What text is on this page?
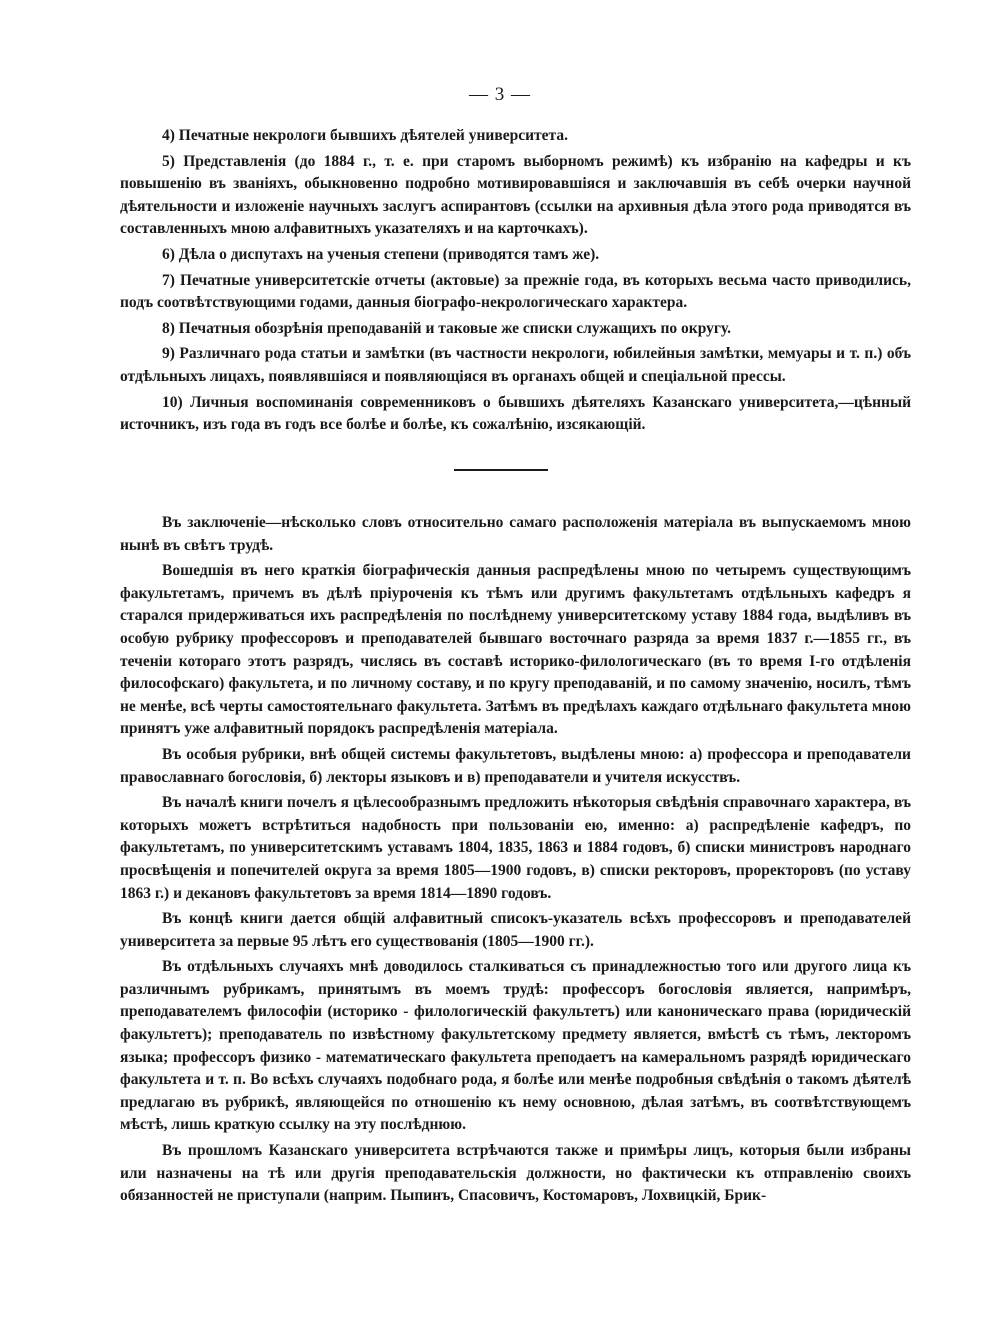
— 3 —

4) Печатные некрологи бывшихъ дѣятелей университета.

5) Представленія (до 1884 г., т. е. при старомъ выборномъ режимѣ) къ избранію на кафедры и къ повышенію въ званіяхъ, обыкновенно подробно мотивировавшіяся и заключавшія въ себѣ очерки научной дѣятельности и изложеніе научныхъ заслугъ аспирантовъ (ссылки на архивныя дѣла этого рода приводятся въ составленныхъ мною алфавитныхъ указателяхъ и на карточкахъ).

6) Дѣла о диспутахъ на ученыя степени (приводятся тамъ же).

7) Печатные университетскіе отчеты (актовые) за прежніе года, въ которыхъ весьма часто приводились, подъ соотвѣтствующими годами, данныя біографо-некрологическаго характера.

8) Печатныя обозрѣнія преподаваній и таковые же списки служащихъ по округу.

9) Различнаго рода статьи и замѣтки (въ частности некрологи, юбилейныя замѣтки, мемуары и т. п.) объ отдѣльныхъ лицахъ, появлявшіяся и появляющіяся въ органахъ общей и спеціальной прессы.

10) Личныя воспоминанія современниковъ о бывшихъ дѣятеляхъ Казанскаго университета,—цѣнный источникъ, изъ года въ годъ все болѣе и болѣе, къ сожалѣнію, изсякающій.

Въ заключеніе—нѣсколько словъ относительно самаго расположенія матеріала въ выпускаемомъ мною нынѣ въ свѣтъ трудѣ.

Вошедшія въ него краткія біографическія данныя распредѣлены мною по четыремъ существующимъ факультетамъ, причемъ въ дѣлѣ пріуроченія къ тѣмъ или другимъ факультетамъ отдѣльныхъ кафедръ я старался придерживаться ихъ распредѣленія по послѣднему университетскому уставу 1884 года, выдѣливъ въ особую рубрику профессоровъ и преподавателей бывшаго восточнаго разряда за время 1837 г.—1855 гг., въ теченіи котораго этотъ разрядъ, числясь въ составѣ историко-филологическаго (въ то время I-го отдѣленія философскаго) факультета, и по личному составу, и по кругу преподаваній, и по самому значенію, носилъ, тѣмъ не менѣе, всѣ черты самостоятельнаго факультета. Затѣмъ въ предѣлахъ каждаго отдѣльнаго факультета мною принятъ уже алфавитный порядокъ распредѣленія матеріала.

Въ особыя рубрики, внѣ общей системы факультетовъ, выдѣлены мною: а) профессора и преподаватели православнаго богословія, б) лекторы языковъ и в) преподаватели и учителя искусствъ.

Въ началѣ книги почелъ я цѣлесообразнымъ предложить нѣкоторыя свѣдѣнія справочнаго характера, въ которыхъ можетъ встрѣтиться надобность при пользованіи ею, именно: а) распредѣленіе кафедръ, по факультетамъ, по университетскимъ уставамъ 1804, 1835, 1863 и 1884 годовъ, б) списки министровъ народнаго просвѣщенія и попечителей округа за время 1805—1900 годовъ, в) списки ректоровъ, проректоровъ (по уставу 1863 г.) и декановъ факультетовъ за время 1814—1890 годовъ.

Въ концѣ книги дается общій алфавитный списокъ-указатель всѣхъ профессоровъ и преподавателей университета за первые 95 лѣтъ его существованія (1805—1900 гг.).

Въ отдѣльныхъ случаяхъ мнѣ доводилось сталкиваться съ принадлежностью того или другого лица къ различнымъ рубрикамъ, принятымъ въ моемъ трудѣ: профессоръ богословія является, напримѣръ, преподавателемъ философіи (историко - филологическій факультетъ) или каноническаго права (юридическій факультетъ); преподаватель по извѣстному факультетскому предмету является, вмѣстѣ съ тѣмъ, лекторомъ языка; профессоръ физико - математическаго факультета преподаетъ на камеральномъ разрядѣ юридическаго факультета и т. п. Во всѣхъ случаяхъ подобнаго рода, я болѣе или менѣе подробныя свѣдѣнія о такомъ дѣятелѣ предлагаю въ рубрикѣ, являющейся по отношенію къ нему основною, дѣлая затѣмъ, въ соотвѣтствующемъ мѣстѣ, лишь краткую ссылку на эту послѣднюю.

Въ прошломъ Казанскаго университета встрѣчаются также и примѣры лицъ, которыя были избраны или назначены на тѣ или другія преподавательскія должности, но фактически къ отправленію своихъ обязанностей не приступали (наприм. Пыпинъ, Спасовичъ, Костомаровъ, Лохвицкій, Брик-
